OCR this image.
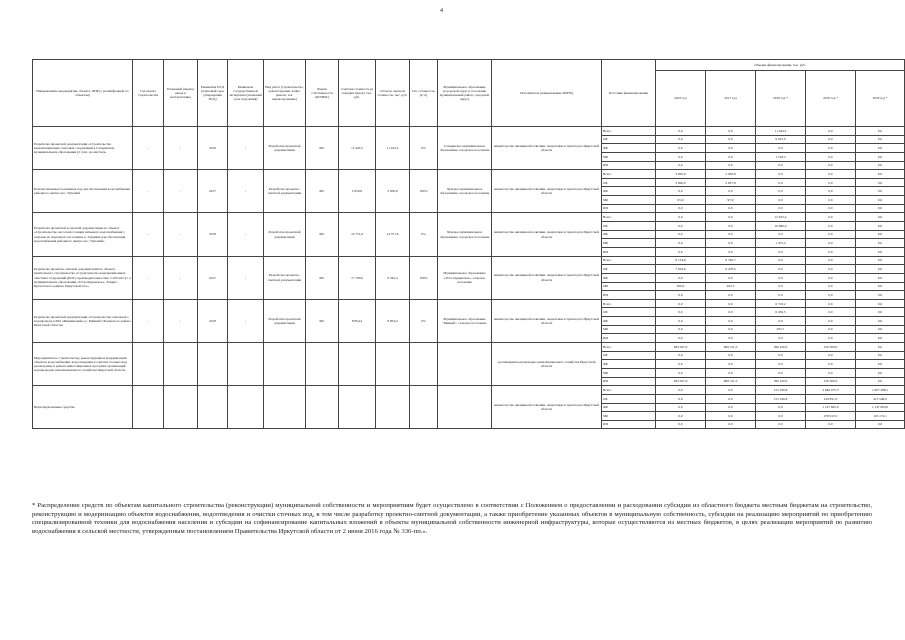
4
Наименование мероприятия, объекта, ПИР (с расшифровкой по объектам)	Год начала строительства	Плановый (период ввода в эксплуатацию)	Реквизиты ПСД (плановый срок утверждения ПСД)	Реквизиты государственной экспертизы (плановый срок получения)	Вид работ (строительство, реконструкция, капит. ремонт, тех. перевооружение)	Форма собственности (ОГИМС)	Сметная стоимость (в текущих ценах), тыс. руб.	Остаток сметной стоимости, тыс. руб.	Тех. готовность, (в %)	Муниципальное образование (городской округ и поселение муниципальный район, городской округ)	Исполнитель (наименование ИОГВ)	Источник финансирования	Объемы финансирования, тыс. руб.				
													2016 год	2017 год	2018 год *	2019 год *	2020 год *
Разработка проектной документации «Строительство канализационных очистных сооружений в Слюдянском муниципальном образовании (2 этап, доочистка)»	-	-	2016	-	Разработка проектной документации	МС	11 443,3	11 443,3	0%	Слюдянское муниципальное образование, городское поселение	министерство жилищной политики, энергетики и транспорта Иркутской области	Всего	0,0	0,0	11 443,3	0,0	0,0
												ОБ	0,0	0,0	9 925,0	0,0	0,0
												ФБ	0,0	0,0	0,0	0,0	0,0
												МБ	0,0	0,0	1 518,3	0,0	0,0
												ИИ	0,0	0,0	0,0	0,0	0,0
Поиски питьевых подземных вод для обеспечения водоснабжения районного центра пос. Чунский	-	-	2017	-	Разработка проектно-сметной документации	МС	2 950,8	2 950,8	100%	Чунское муниципальное образование, городское поселение	министерство жилищной политики, энергетики и транспорта Иркутской области	Всего	3 095,0	2 950,8	0,0	0,0	0,0
												ОБ	3 000,0	2 837,8	0,0	0,0	0,0
												ФБ	0,0	0,0	0,0	0,0	0,0
												МБ	95,0	97,0	0,0	0,0	0,0
												ИИ	0,0	0,0	0,0	0,0	0,0
Разработка проектной и сметной документации по объекту «Строительство насосной станции питьевого водоснабжения 1 подъема из подземного источника р. Зарчикая для обеспечения водоснабжения районного центра пос. Чунский»	-	-	2018	-	Разработка проектной документации	МС	14 751,6	14 751,6	0%	Чунское муниципальное образование, городское поселение	министерство жилищной политики, энергетики и транспорта Иркутской области	Всего	0,0	0,0	12 455,2	0,0	0,0
												ОБ	0,0	0,0	10 980,0	0,0	0,0
												ФБ	0,0	0,0	0,0	0,0	0,0
												МБ	0,0	0,0	1 475,2	0,0	0,0
												ИИ	0,0	0,0	0,0	0,0	0,0
Разработка проектно-сметной документации по объекту капитального строительства «Строительство канализационных очистных сооружений (КОС) производительностью 2 200 м3/сут. в муниципальном образовании «Усть-Ордынское», Эхирит-Булагатского района, Иркутской обл.»	-	-	2017	-	Разработка проектно-сметной документации	МС	17 700,0	9 565,4	100%	Муниципальное образование «Усть-Ордынское», сельское поселение	министерство жилищной политики, энергетики и транспорта Иркутской области	Всего	8 134,6	6 740,7	0,0	0,0	0,0
												ОБ	7 634,6	6 478,4	0,0	0,0	0,0
												ФБ	0,0	0,0	0,0	0,0	0,0
												МБ	500,0	262,3	0,0	0,0	0,0
												ИИ	0,0	0,0	0,0	0,0	0,0
Разработка проектной документации «Строительство локального водопровода в МО «Бишкинский» (с. Бишкейт) Боханского района Иркутской области»	-	-	2018	-	Разработка проектной документации	МС	8 854,4	8 854,4	0%	Муниципальное образование "Бишкей", сельское поселение	министерство жилищной политики, энергетики и транспорта Иркутской области	Всего	0,0	0,0	6 716,2	0,0	0,0
												ОБ	0,0	0,0	6 450,5	0,0	0,0
												ФБ	0,0	0,0	0,0	0,0	0,0
												МБ	0,0	0,0	265,7	0,0	0,0
												ИИ	0,0	0,0	0,0	0,0	0,0
Мероприятия по строительству, реконструкции и модернизации объектов водоснабжения, водоотведения и очистки сточных вод, реализуемые в рамках инвестиционных программ организаций водопроводно-канализационного хозяйства Иркутской области											организации водопроводно-канализационного хозяйства Иркутской области	Всего	284 567,9	699 741,5	396 100,0	410 300,0	0,0
												ОБ	0,0	0,0	0,0	0,0	0,0
												ФБ	0,0	0,0	0,0	0,0	0,0
												МБ	0,0	0,0	0,0	0,0	0,0
												ИИ	284 567,9	699 741,5	396 100,0	410 300,0	0,0
Нераспределенные средства											министерство жилищной политики, энергетики и транспорта Иркутской области	Всего	0,0	0,0	155 166,8	2 646 075,5	1 607 288,1
												ОБ	0,0	0,0	155 166,8	419 851,0	413 548,0
												ФБ	0,0	0,0	0,0	1 147 605,0	1 147 605,0
												МБ	0,0	0,0	0,0	478 613,5	123 174,1
												ИИ	0,0	0,0	0,0	0,0	0,0
* Распределение средств по объектам капитального строительства (реконструкции) муниципальной собственности и мероприятиям будет осуществлено в соответствии с Положением о предоставлении и расходовании субсидии из областного бюджета местным бюджетам на строительство, реконструкцию и модернизацию объектов водоснабжения, водоотведения и очистки сточных вод, в том числе разработку проектно-сметной документации, а также приобретение указанных объектов в муниципальную собственность, субсидии на реализацию мероприятий по приобретению специализированной техники для водоснабжения населения и субсидии на софинансирование капитальных вложений в объекты муниципальной собственности инженерной инфраструктуры, которые осуществляются из местных бюджетов, в целях реализации мероприятий по развитию водоснабжения в сельской местности, утвержденным постановлением Правительства Иркутской области от 2 июня 2016 года № 336-пп.».
